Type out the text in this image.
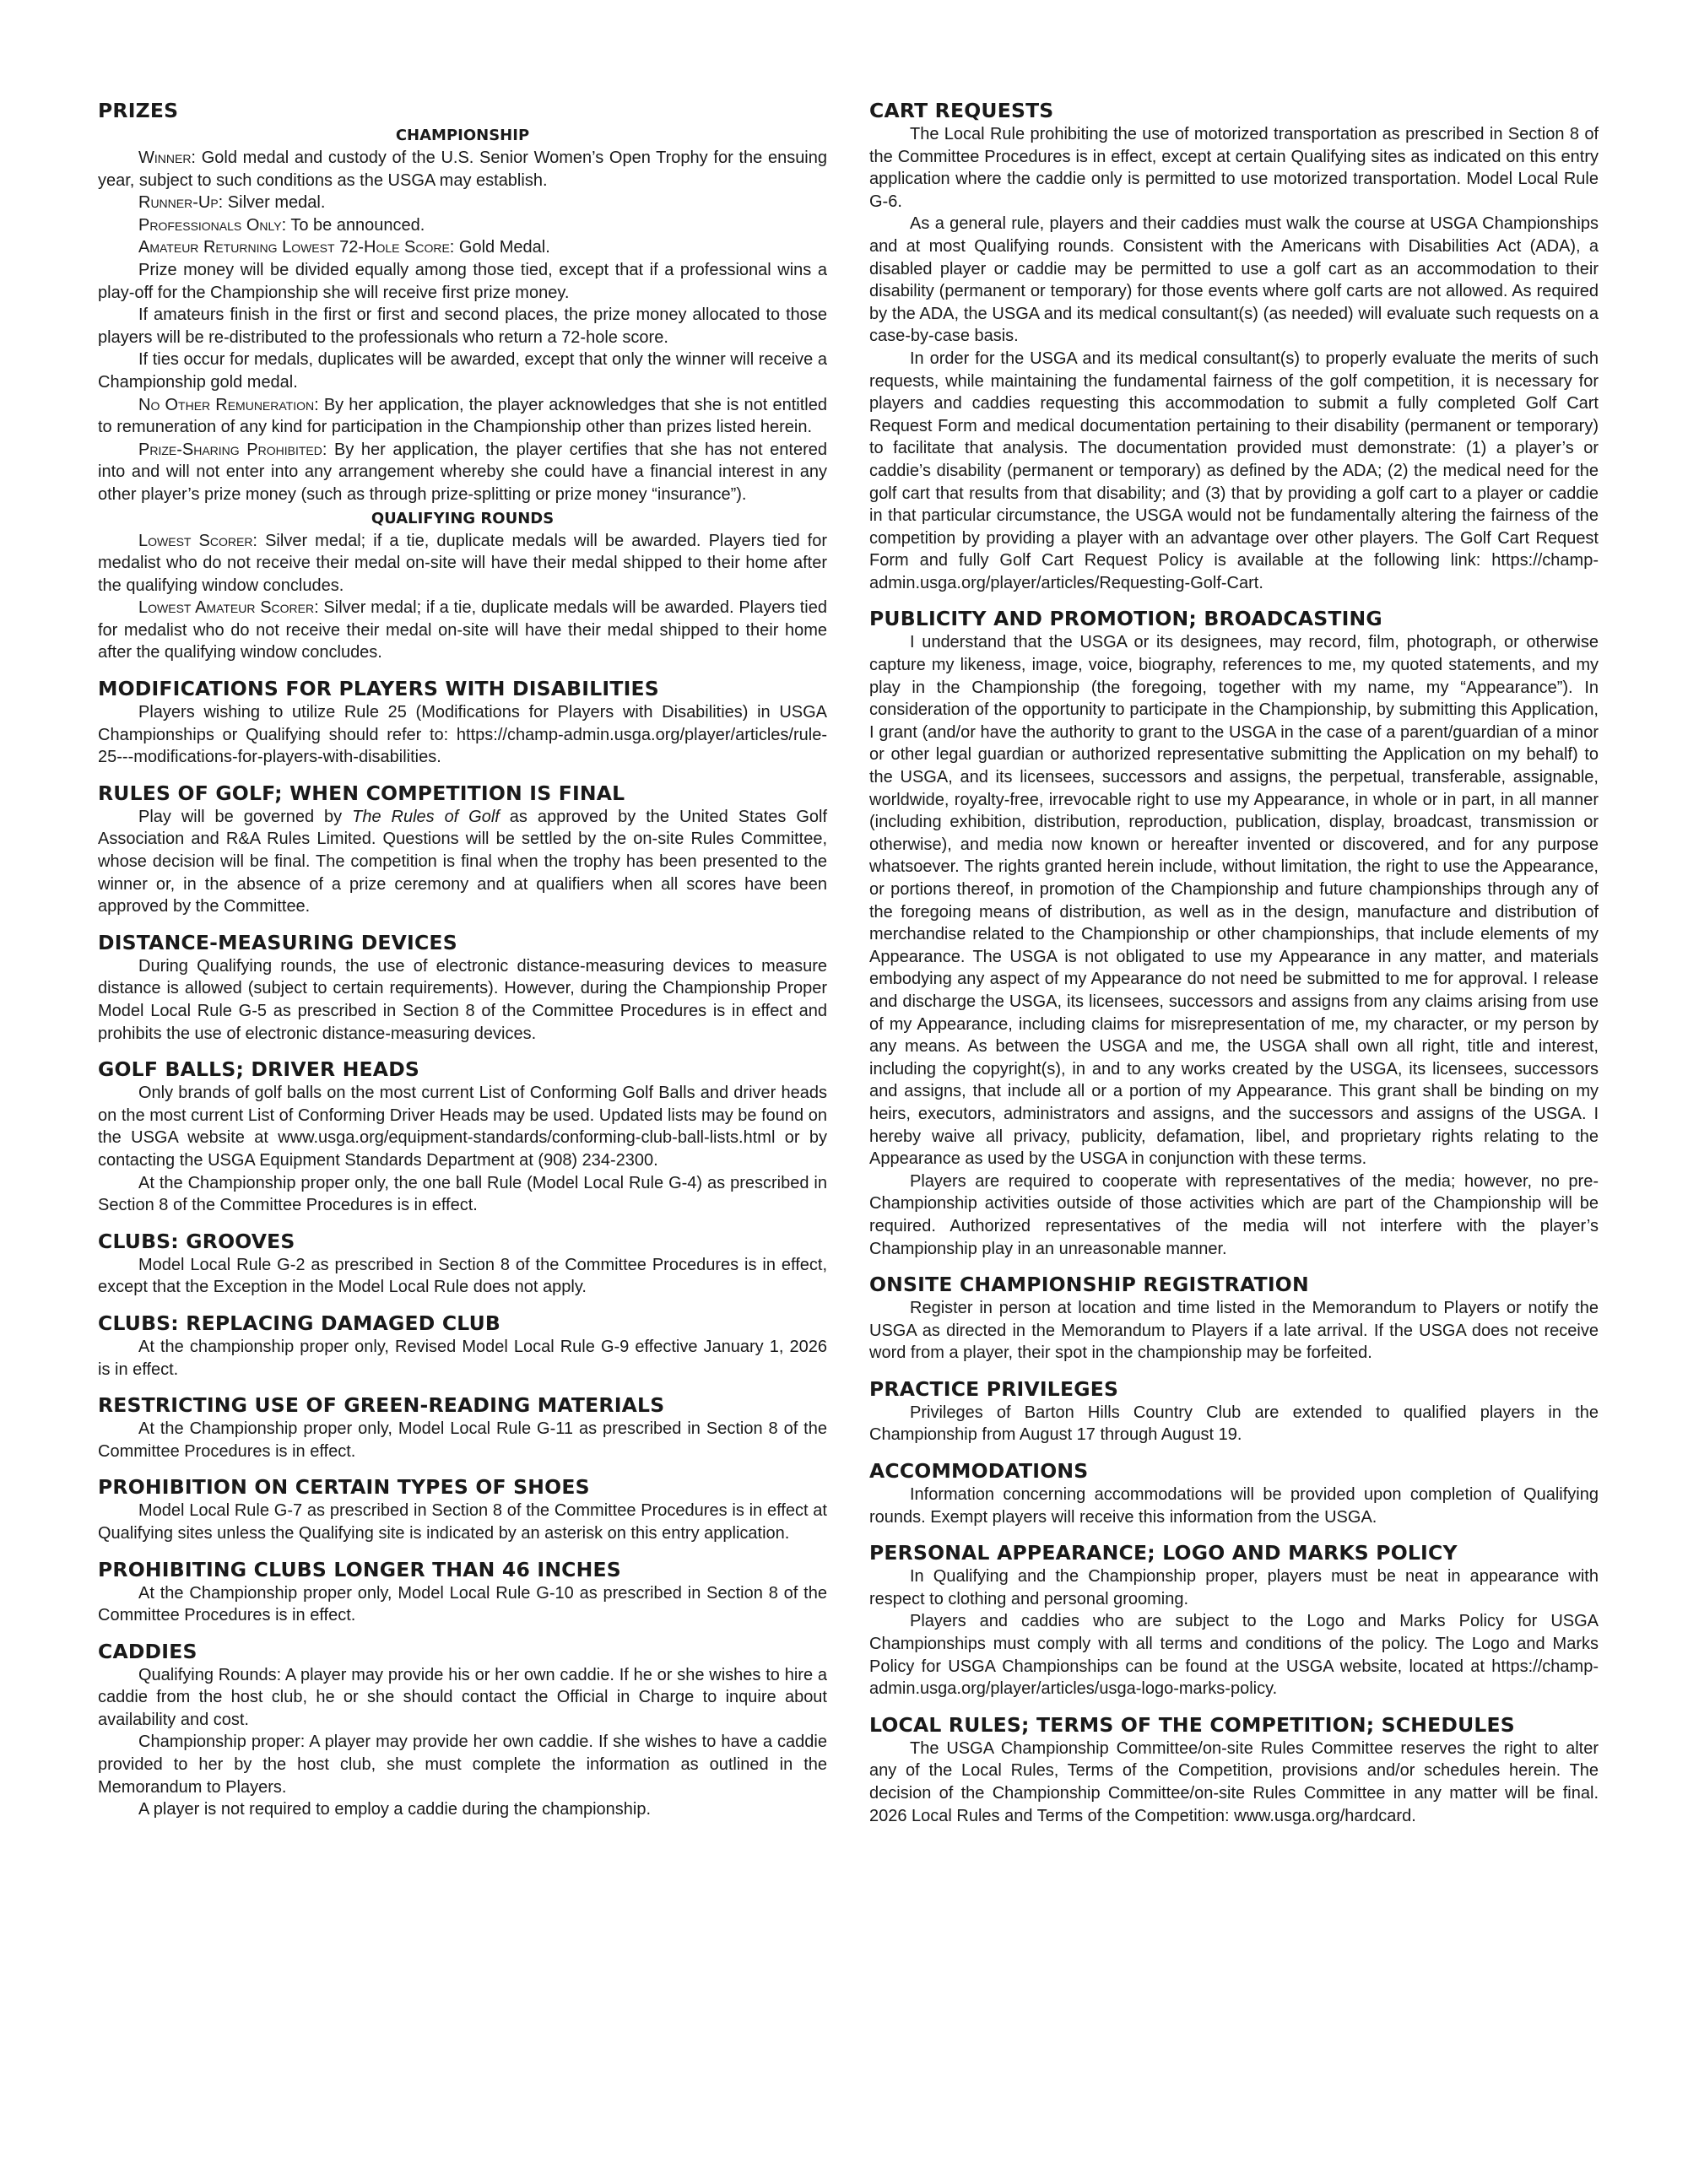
PRIZES
CHAMPIONSHIP

Winner: Gold medal and custody of the U.S. Senior Women’s Open Trophy for the ensuing year, subject to such conditions as the USGA may establish.

Runner-Up: Silver medal.

Professionals Only: To be announced.

Amateur Returning Lowest 72-Hole Score: Gold Medal.

Prize money will be divided equally among those tied, except that if a professional wins a play-off for the Championship she will receive first prize money.

If amateurs finish in the first or first and second places, the prize money allocated to those players will be re-distributed to the professionals who return a 72-hole score.

If ties occur for medals, duplicates will be awarded, except that only the winner will receive a Championship gold medal.

No Other Remuneration: By her application, the player acknowledges that she is not entitled to remuneration of any kind for participation in the Championship other than prizes listed herein.

Prize-Sharing Prohibited: By her application, the player certifies that she has not entered into and will not enter into any arrangement whereby she could have a financial interest in any other player’s prize money (such as through prize-splitting or prize money “insurance”).

QUALIFYING ROUNDS

Lowest Scorer: Silver medal; if a tie, duplicate medals will be awarded. Players tied for medalist who do not receive their medal on-site will have their medal shipped to their home after the qualifying window concludes.

Lowest Amateur Scorer: Silver medal; if a tie, duplicate medals will be awarded. Players tied for medalist who do not receive their medal on-site will have their medal shipped to their home after the qualifying window concludes.

MODIFICATIONS FOR PLAYERS WITH DISABILITIES

Players wishing to utilize Rule 25 (Modifications for Players with Disabilities) in USGA Championships or Qualifying should refer to: https://champ-admin.usga.org/player/articles/rule-25---modifications-for-players-with-disabilities.

RULES OF GOLF; WHEN COMPETITION IS FINAL

Play will be governed by The Rules of Golf as approved by the United States Golf Association and R&A Rules Limited. Questions will be settled by the on-site Rules Committee, whose decision will be final. The competition is final when the trophy has been presented to the winner or, in the absence of a prize ceremony and at qualifiers when all scores have been approved by the Committee.

DISTANCE-MEASURING DEVICES

During Qualifying rounds, the use of electronic distance-measuring devices to measure distance is allowed (subject to certain requirements). However, during the Championship Proper Model Local Rule G-5 as prescribed in Section 8 of the Committee Procedures is in effect and prohibits the use of electronic distance-measuring devices.

GOLF BALLS; DRIVER HEADS

Only brands of golf balls on the most current List of Conforming Golf Balls and driver heads on the most current List of Conforming Driver Heads may be used. Updated lists may be found on the USGA website at www.usga.org/equipment-standards/conforming-club-ball-lists.html or by contacting the USGA Equipment Standards Department at (908) 234-2300.

At the Championship proper only, the one ball Rule (Model Local Rule G-4) as prescribed in Section 8 of the Committee Procedures is in effect.

CLUBS: GROOVES

Model Local Rule G-2 as prescribed in Section 8 of the Committee Procedures is in effect, except that the Exception in the Model Local Rule does not apply.

CLUBS: REPLACING DAMAGED CLUB

At the championship proper only, Revised Model Local Rule G-9 effective January 1, 2026 is in effect.

RESTRICTING USE OF GREEN-READING MATERIALS

At the Championship proper only, Model Local Rule G-11 as prescribed in Section 8 of the Committee Procedures is in effect.

PROHIBITION ON CERTAIN TYPES OF SHOES

Model Local Rule G-7 as prescribed in Section 8 of the Committee Procedures is in effect at Qualifying sites unless the Qualifying site is indicated by an asterisk on this entry application.

PROHIBITING CLUBS LONGER THAN 46 INCHES

At the Championship proper only, Model Local Rule G-10 as prescribed in Section 8 of the Committee Procedures is in effect.

CADDIES

Qualifying Rounds: A player may provide his or her own caddie. If he or she wishes to hire a caddie from the host club, he or she should contact the Official in Charge to inquire about availability and cost.

Championship proper: A player may provide her own caddie. If she wishes to have a caddie provided to her by the host club, she must complete the information as outlined in the Memorandum to Players.

A player is not required to employ a caddie during the championship.

CART REQUESTS

The Local Rule prohibiting the use of motorized transportation as prescribed in Section 8 of the Committee Procedures is in effect, except at certain Qualifying sites as indicated on this entry application where the caddie only is permitted to use motorized transportation. Model Local Rule G-6.

As a general rule, players and their caddies must walk the course at USGA Championships and at most Qualifying rounds. Consistent with the Americans with Disabilities Act (ADA), a disabled player or caddie may be permitted to use a golf cart as an accommodation to their disability (permanent or temporary) for those events where golf carts are not allowed. As required by the ADA, the USGA and its medical consultant(s) (as needed) will evaluate such requests on a case-by-case basis.

In order for the USGA and its medical consultant(s) to properly evaluate the merits of such requests, while maintaining the fundamental fairness of the golf competition, it is necessary for players and caddies requesting this accommodation to submit a fully completed Golf Cart Request Form and medical documentation pertaining to their disability (permanent or temporary) to facilitate that analysis. The documentation provided must demonstrate: (1) a player’s or caddie’s disability (permanent or temporary) as defined by the ADA; (2) the medical need for the golf cart that results from that disability; and (3) that by providing a golf cart to a player or caddie in that particular circumstance, the USGA would not be fundamentally altering the fairness of the competition by providing a player with an advantage over other players. The Golf Cart Request Form and fully Golf Cart Request Policy is available at the following link: https://champ-admin.usga.org/player/articles/Requesting-Golf-Cart.

PUBLICITY AND PROMOTION; BROADCASTING

I understand that the USGA or its designees, may record, film, photograph, or otherwise capture my likeness, image, voice, biography, references to me, my quoted statements, and my play in the Championship (the foregoing, together with my name, my “Appearance”). In consideration of the opportunity to participate in the Championship, by submitting this Application, I grant (and/or have the authority to grant to the USGA in the case of a parent/guardian of a minor or other legal guardian or authorized representative submitting the Application on my behalf) to the USGA, and its licensees, successors and assigns, the perpetual, transferable, assignable, worldwide, royalty-free, irrevocable right to use my Appearance, in whole or in part, in all manner (including exhibition, distribution, reproduction, publication, display, broadcast, transmission or otherwise), and media now known or hereafter invented or discovered, and for any purpose whatsoever. The rights granted herein include, without limitation, the right to use the Appearance, or portions thereof, in promotion of the Championship and future championships through any of the foregoing means of distribution, as well as in the design, manufacture and distribution of merchandise related to the Championship or other championships, that include elements of my Appearance. The USGA is not obligated to use my Appearance in any matter, and materials embodying any aspect of my Appearance do not need be submitted to me for approval. I release and discharge the USGA, its licensees, successors and assigns from any claims arising from use of my Appearance, including claims for misrepresentation of me, my character, or my person by any means. As between the USGA and me, the USGA shall own all right, title and interest, including the copyright(s), in and to any works created by the USGA, its licensees, successors and assigns, that include all or a portion of my Appearance. This grant shall be binding on my heirs, executors, administrators and assigns, and the successors and assigns of the USGA. I hereby waive all privacy, publicity, defamation, libel, and proprietary rights relating to the Appearance as used by the USGA in conjunction with these terms.

Players are required to cooperate with representatives of the media; however, no pre-Championship activities outside of those activities which are part of the Championship will be required. Authorized representatives of the media will not interfere with the player’s Championship play in an unreasonable manner.

ONSITE CHAMPIONSHIP REGISTRATION

Register in person at location and time listed in the Memorandum to Players or notify the USGA as directed in the Memorandum to Players if a late arrival. If the USGA does not receive word from a player, their spot in the championship may be forfeited.

PRACTICE PRIVILEGES

Privileges of Barton Hills Country Club are extended to qualified players in the Championship from August 17 through August 19.

ACCOMMODATIONS

Information concerning accommodations will be provided upon completion of Qualifying rounds. Exempt players will receive this information from the USGA.

PERSONAL APPEARANCE; LOGO AND MARKS POLICY

In Qualifying and the Championship proper, players must be neat in appearance with respect to clothing and personal grooming.

Players and caddies who are subject to the Logo and Marks Policy for USGA Championships must comply with all terms and conditions of the policy. The Logo and Marks Policy for USGA Championships can be found at the USGA website, located at https://champ-admin.usga.org/player/articles/usga-logo-marks-policy.

LOCAL RULES; TERMS OF THE COMPETITION; SCHEDULES

The USGA Championship Committee/on-site Rules Committee reserves the right to alter any of the Local Rules, Terms of the Competition, provisions and/or schedules herein. The decision of the Championship Committee/on-site Rules Committee in any matter will be final. 2026 Local Rules and Terms of the Competition: www.usga.org/hardcard.
